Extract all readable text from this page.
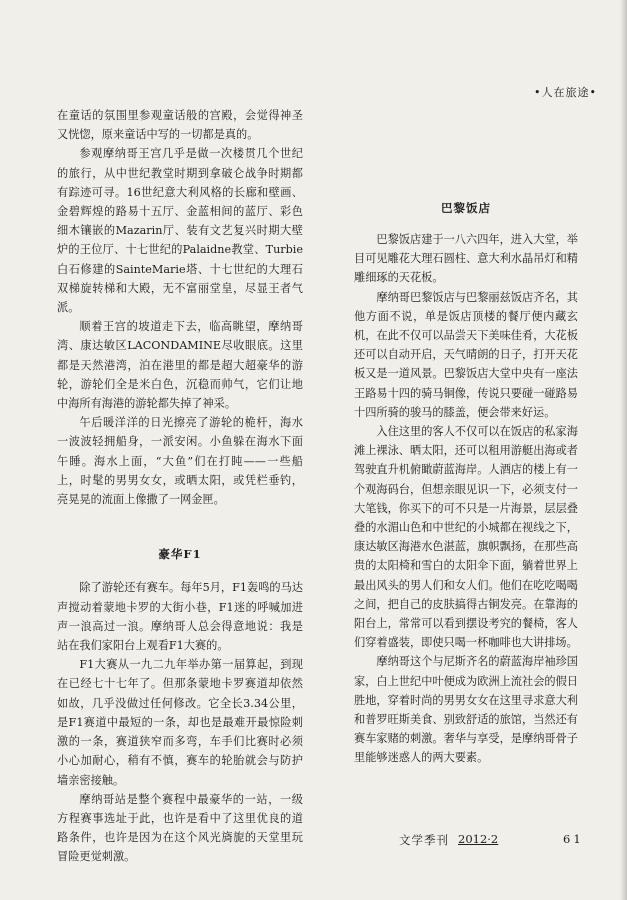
•人在旅途•

在童话的氛围里参观童话般的宫殿，会觉得神圣又恍惚，原来童话中写的一切都是真的。

参观摩纳哥王宫几乎是做一次楼贯几个世纪的旅行，从中世纪教堂时期到拿破仑战争时期都有踪迹可寻。16世纪意大利风格的长廊和壁画、金碧辉煌的路易十五厅、金蓝相间的蓝厅、彩色细木镶嵌的Mazarin厅、装有文艺复兴时期大壁炉的王位厅、十七世纪的Palaidne教堂、Turbie白石修建的SainteMarie塔、十七世纪的大理石双梯旋转梯和大殿，无不富丽堂皇，尽显王者气派。

顺着王宫的坡道走下去，临高眺望，摩纳哥湾、康达敏区LACONDAMINE尽收眼底。这里都是天然港湾，泊在港里的都是超大超豪华的游轮，游轮们全是米白色，沉稳而帅气，它们让地中海所有海港的游轮都失掉了神采。

午后暖洋洋的日光擦亮了游轮的桅杆，海水一波波轻拥船身，一派安闲。小鱼躲在海水下面午睡。海水上面，“大鱼”们在打盹——一些船上，时髦的男男女女，或晒太阳，或凭栏垂钓，亮晃晃的流面上像撒了一网金匣。

豪华F1

除了游轮还有赛车。每年5月，F1轰鸣的马达声搅动着蒙地卡罗的大街小巷，F1迷的呼喊加进声一浪高过一浪。摩纳哥人总会得意地说：我是站在我们家阳台上观看F1大赛的。

F1大赛从一九二九年举办第一届算起，到现在已经七十七年了。但那条蒙地卡罗赛道却依然如故，几乎没做过任何修改。它全长3.34公里，是F1赛道中最短的一条，却也是最难开最惊险刺激的一条，赛道狭窄而多弯，车手们比赛时必须小心加耐心，稍有不慎，赛车的轮胎就会与防护墙亲密接触。

摩纳哥站是整个赛程中最豪华的一站，一级方程赛事选址于此，也许是看中了这里优良的道路条件，也许是因为在这个风光旖旎的天堂里玩冒险更觉刺激。

巴黎饭店

巴黎饭店建于一八六四年，进入大堂，举目可见雕花大理石圆柱、意大利水晶吊灯和精雕细琢的天花板。

摩纳哥巴黎饭店与巴黎丽兹饭店齐名，其他方面不说，单是饭店顶楼的餐厅便内藏玄机，在此不仅可以品尝天下美味佳肴，大花板还可以自动开启，天气晴朗的日子，打开天花板又是一道风景。巴黎饭店大堂中央有一座法王路易十四的骑马铜像，传说只要碰一碰路易十四所骑的骏马的膝盖，便会带来好运。

入住这里的客人不仅可以在饭店的私家海滩上裸泳、晒太阳，还可以租用游艇出海或者驾驶直升机俯瞰蔚蓝海岸。人酒店的楼上有一个观海码台，但想亲眼见识一下，必须支付一大笔钱，你买下的可不只是一片海景，层层叠叠的水湄山色和中世纪的小城都在视线之下，康达敏区海港水色湛蓝，旗帜飘扬，在那些高贵的太阳椅和雪白的太阳伞下面，躺着世界上最出风头的男人们和女人们。他们在吃吃喝喝之间，把自己的皮肤搞得古铜发亮。在靠海的阳台上，常常可以看到摆设考究的餐椅，客人们穿着盛装，即使只喝一杯咖啡也大讲排场。

摩纳哥这个与尼斯齐名的蔚蓝海岸袖珍国家，白上世纪中叶便成为欧洲上流社会的假日胜地，穿着时尚的男男女女在这里寻求意大利和普罗旺斯美食、别致舒适的旅馆，当然还有赛车家赌的刺激。奢华与享受，是摩纳哥骨子里能够迷惑人的两大要素。

文学季刊 2012·2	61
